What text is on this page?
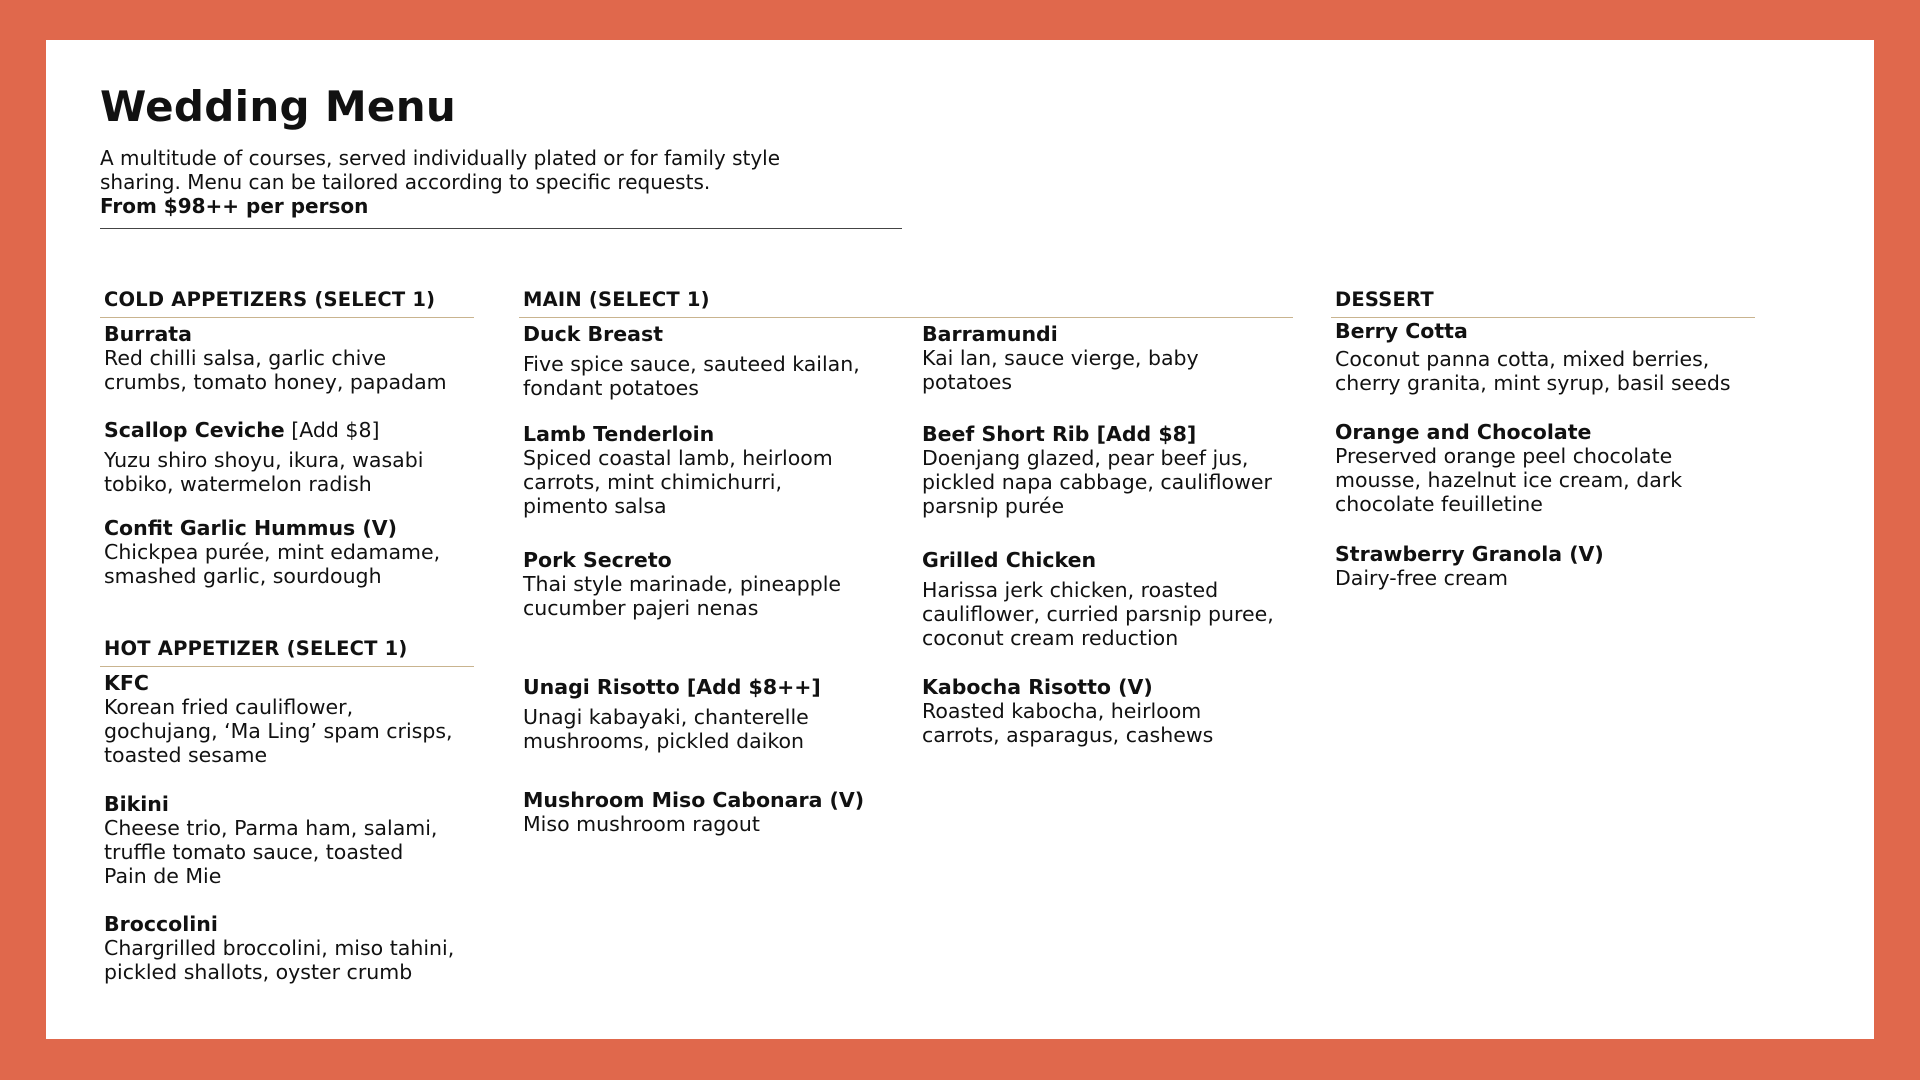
Wedding Menu
A multitude of courses, served individually plated or for family style
sharing. Menu can be tailored according to specific requests.
From $98++ per person
COLD APPETIZERS (SELECT 1)
Burrata
Red chilli salsa, garlic chive
crumbs, tomato honey, papadam
Scallop Ceviche [Add $8]
Yuzu shiro shoyu, ikura, wasabi
tobiko, watermelon radish
Confit Garlic Hummus (V)
Chickpea purée, mint edamame,
smashed garlic, sourdough
HOT APPETIZER (SELECT 1)
KFC
Korean fried cauliflower,
gochujang, ‘Ma Ling’ spam crisps,
toasted sesame
Bikini
Cheese trio, Parma ham, salami,
truffle tomato sauce, toasted
Pain de Mie
Broccolini
Chargrilled broccolini, miso tahini,
pickled shallots, oyster crumb
MAIN (SELECT 1)
Duck Breast
Five spice sauce, sauteed kailan,
fondant potatoes
Lamb Tenderloin
Spiced coastal lamb, heirloom
carrots, mint chimichurri,
pimento salsa
Pork Secreto
Thai style marinade, pineapple
cucumber pajeri nenas
Unagi Risotto [Add $8++]
Unagi kabayaki, chanterelle
mushrooms, pickled daikon
Mushroom Miso Cabonara (V)
Miso mushroom ragout
Barramundi
Kai lan, sauce vierge, baby
potatoes
Beef Short Rib [Add $8]
Doenjang glazed, pear beef jus,
pickled napa cabbage, cauliflower
parsnip purée
Grilled Chicken
Harissa jerk chicken, roasted
cauliflower, curried parsnip puree,
coconut cream reduction
Kabocha Risotto (V)
Roasted kabocha, heirloom
carrots, asparagus, cashews
DESSERT
Berry Cotta
Coconut panna cotta, mixed berries,
cherry granita, mint syrup, basil seeds
Orange and Chocolate
Preserved orange peel chocolate
mousse, hazelnut ice cream, dark
chocolate feuilletine
Strawberry Granola (V)
Dairy-free cream
